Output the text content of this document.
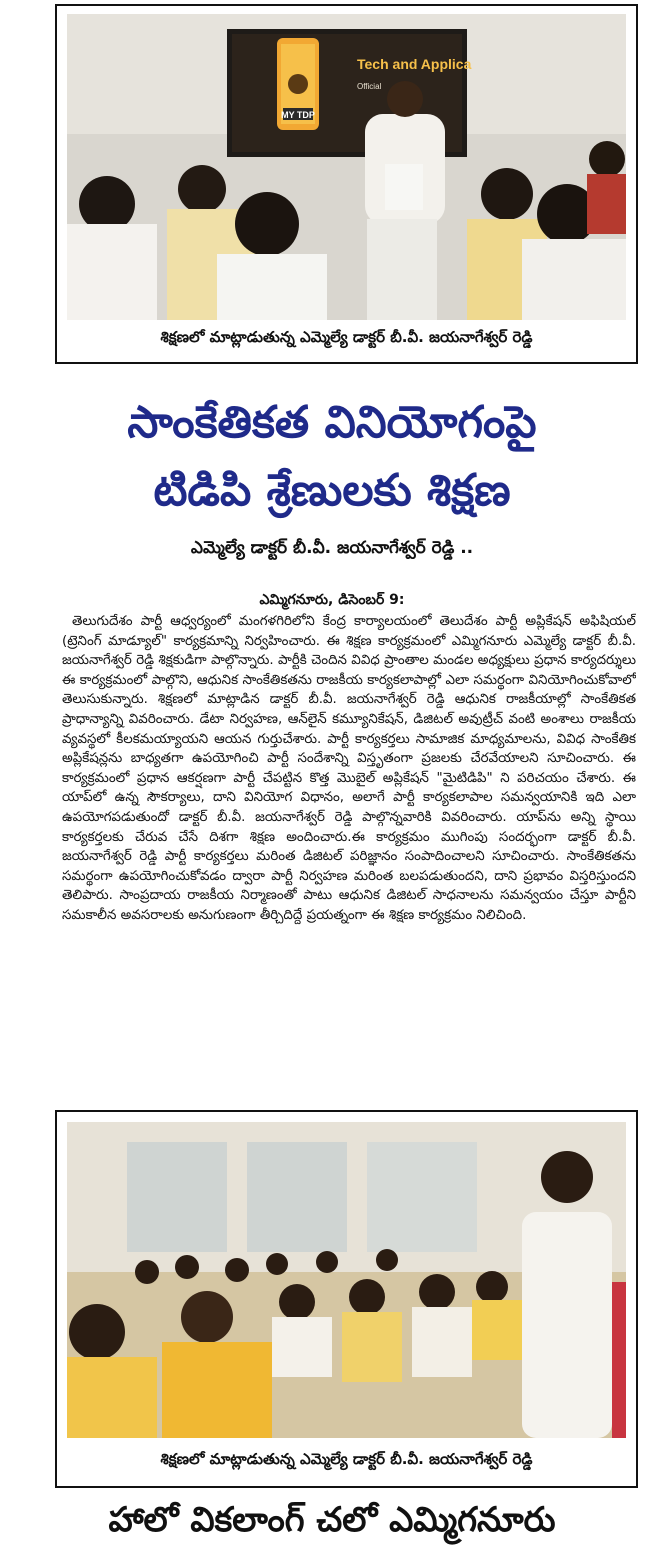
MY TDP
Tech and Applica
Official
శిక్షణలో మాట్లాడుతున్న ఎమ్మెల్యే డాక్టర్ బీ.వీ. జయనాగేశ్వర్ రెడ్డి
సాంకేతికత వినియోగంపై
టిడిపి శ్రేణులకు శిక్షణ
ఎమ్మెల్యే డాక్టర్ బీ.వీ. జయనాగేశ్వర్ రెడ్డి ..
ఎమ్మిగనూరు, డిసెంబర్ 9:
తెలుగుదేశం పార్టీ ఆధ్వర్యంలో మంగళగిరిలోని కేంద్ర కార్యాలయంలో తెలుదేశం పార్టీ అప్లికేషన్ అఫిషియల్ (ట్రెనింగ్ మాడ్యూల్" కార్యక్రమాన్ని నిర్వహించారు. ఈ శిక్షణ కార్యక్రమంలో ఎమ్మిగనూరు ఎమ్మెల్యే డాక్టర్ బీ.వీ. జయనాగేశ్వర్ రెడ్డి శిక్షకుడిగా పాల్గొన్నారు. పార్టీకి చెందిన వివిధ ప్రాంతాల మండల అధ్యక్షులు ప్రధాన కార్యదర్శులు ఈ కార్యక్రమంలో పాల్గొని, ఆధునిక సాంకేతికతను రాజకీయ కార్యకలాపాల్లో ఎలా సమర్థంగా వినియోగించుకోవాలో తెలుసుకున్నారు. శిక్షణలో మాట్లాడిన డాక్టర్ బీ.వీ. జయనాగేశ్వర్ రెడ్డి ఆధునిక రాజకీయాల్లో సాంకేతికత ప్రాధాన్యాన్ని వివరించారు. డేటా నిర్వహణ, ఆన్‌లైన్ కమ్యూనికేషన్, డిజిటల్ అవుట్రీచ్ వంటి అంశాలు రాజకీయ వ్యవస్థలో కీలకమయ్యాయని ఆయన గుర్తుచేశారు. పార్టీ కార్యకర్తలు సామాజిక మాధ్యమాలను, వివిధ సాంకేతిక అప్లికేషన్లను బాధ్యతగా ఉపయోగించి పార్టీ సందేశాన్ని విస్తృతంగా ప్రజలకు చేరవేయాలని సూచించారు. ఈ కార్యక్రమంలో ప్రధాన ఆకర్షణగా పార్టీ చేపట్టిన కొత్త మొబైల్ అప్లికేషన్ "మైటిడిపి" ని పరిచయం చేశారు. ఈ యాప్‌లో ఉన్న సౌకర్యాలు, దాని వినియోగ విధానం, అలాగే పార్టీ కార్యకలాపాల సమన్వయానికి ఇది ఎలా ఉపయోగపడుతుందో డాక్టర్ బీ.వీ. జయనాగేశ్వర్ రెడ్డి పాల్గొన్నవారికి వివరించారు. యాప్‌ను అన్ని స్థాయి కార్యకర్తలకు చేరువ చేసే దిశగా శిక్షణ అందించారు.ఈ కార్యక్రమం ముగింపు సందర్భంగా డాక్టర్ బీ.వీ. జయనాగేశ్వర్ రెడ్డి పార్టీ కార్యకర్తలు మరింత డిజిటల్ పరిజ్ఞానం సంపాదించాలని సూచించారు. సాంకేతికతను సమర్థంగా ఉపయోగించుకోవడం ద్వారా పార్టీ నిర్వహణ మరింత బలపడుతుందని, దాని ప్రభావం విస్తరిస్తుందని తెలిపారు. సాంప్రదాయ రాజకీయ నిర్మాణంతో పాటు ఆధునిక డిజిటల్ సాధనాలను సమన్వయం చేస్తూ పార్టీని సమకాలీన అవసరాలకు అనుగుణంగా తీర్చిదిద్దే ప్రయత్నంగా ఈ శిక్షణ కార్యక్రమం నిలిచింది.
శిక్షణలో మాట్లాడుతున్న ఎమ్మెల్యే డాక్టర్ బీ.వీ. జయనాగేశ్వర్ రెడ్డి
హాలో వికలాంగ్ చలో ఎమ్మిగనూరు
